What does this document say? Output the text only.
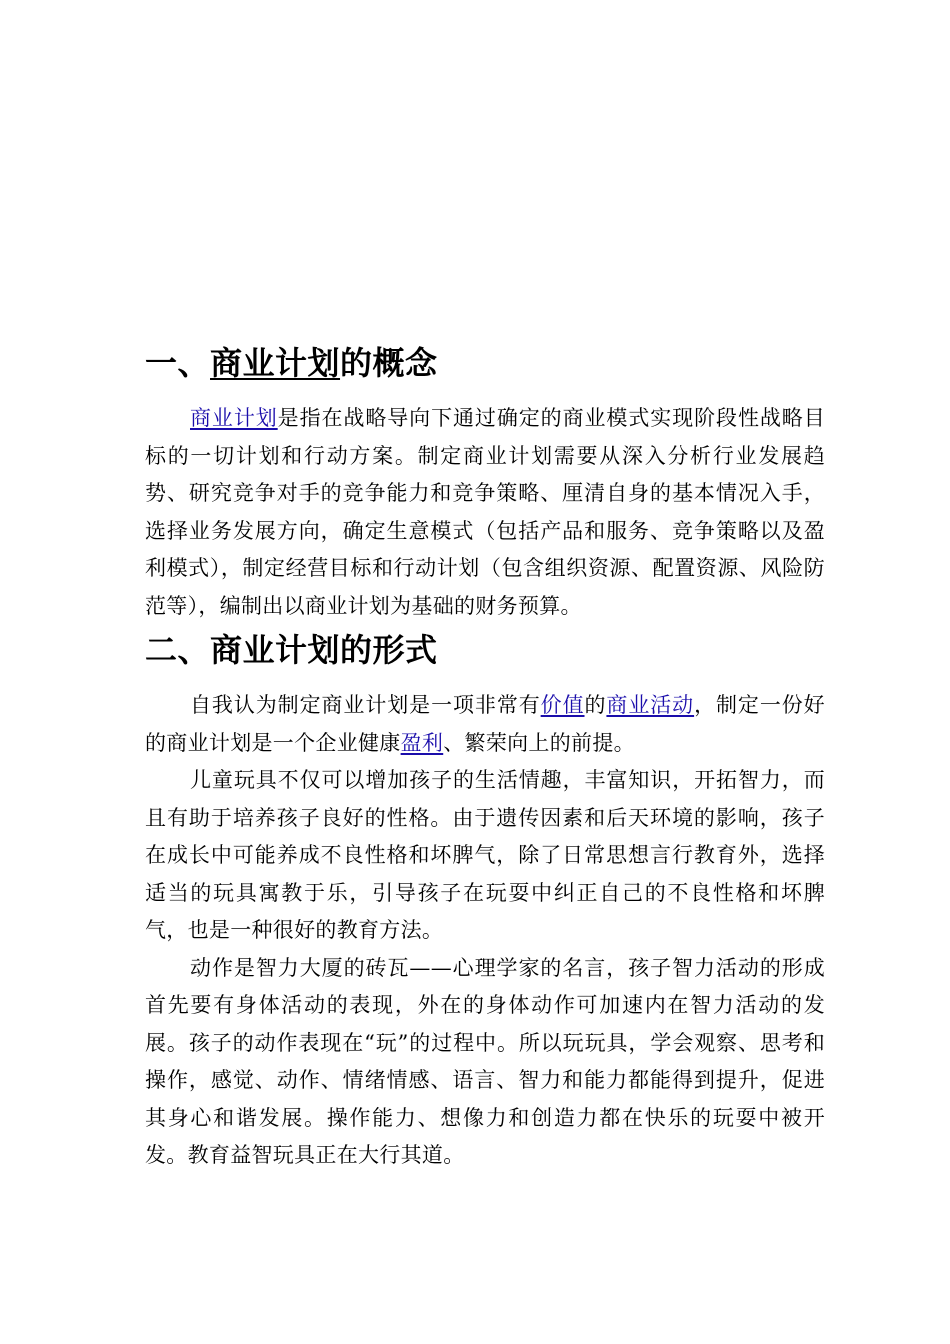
一、商业计划的概念

商业计划是指在战略导向下通过确定的商业模式实现阶段性战略目标的一切计划和行动方案。制定商业计划需要从深入分析行业发展趋势、研究竞争对手的竞争能力和竞争策略、厘清自身的基本情况入手，选择业务发展方向，确定生意模式（包括产品和服务、竞争策略以及盈利模式），制定经营目标和行动计划（包含组织资源、配置资源、风险防范等），编制出以商业计划为基础的财务预算。

二、商业计划的形式

自我认为制定商业计划是一项非常有价值的商业活动，制定一份好的商业计划是一个企业健康盈利、繁荣向上的前提。

儿童玩具不仅可以增加孩子的生活情趣，丰富知识，开拓智力，而且有助于培养孩子良好的性格。由于遗传因素和后天环境的影响，孩子在成长中可能养成不良性格和坏脾气，除了日常思想言行教育外，选择适当的玩具寓教于乐，引导孩子在玩耍中纠正自己的不良性格和坏脾气，也是一种很好的教育方法。

动作是智力大厦的砖瓦——心理学家的名言，孩子智力活动的形成首先要有身体活动的表现，外在的身体动作可加速内在智力活动的发展。孩子的动作表现在“玩”的过程中。所以玩玩具，学会观察、思考和操作，感觉、动作、情绪情感、语言、智力和能力都能得到提升，促进其身心和谐发展。操作能力、想像力和创造力都在快乐的玩耍中被开发。教育益智玩具正在大行其道。
